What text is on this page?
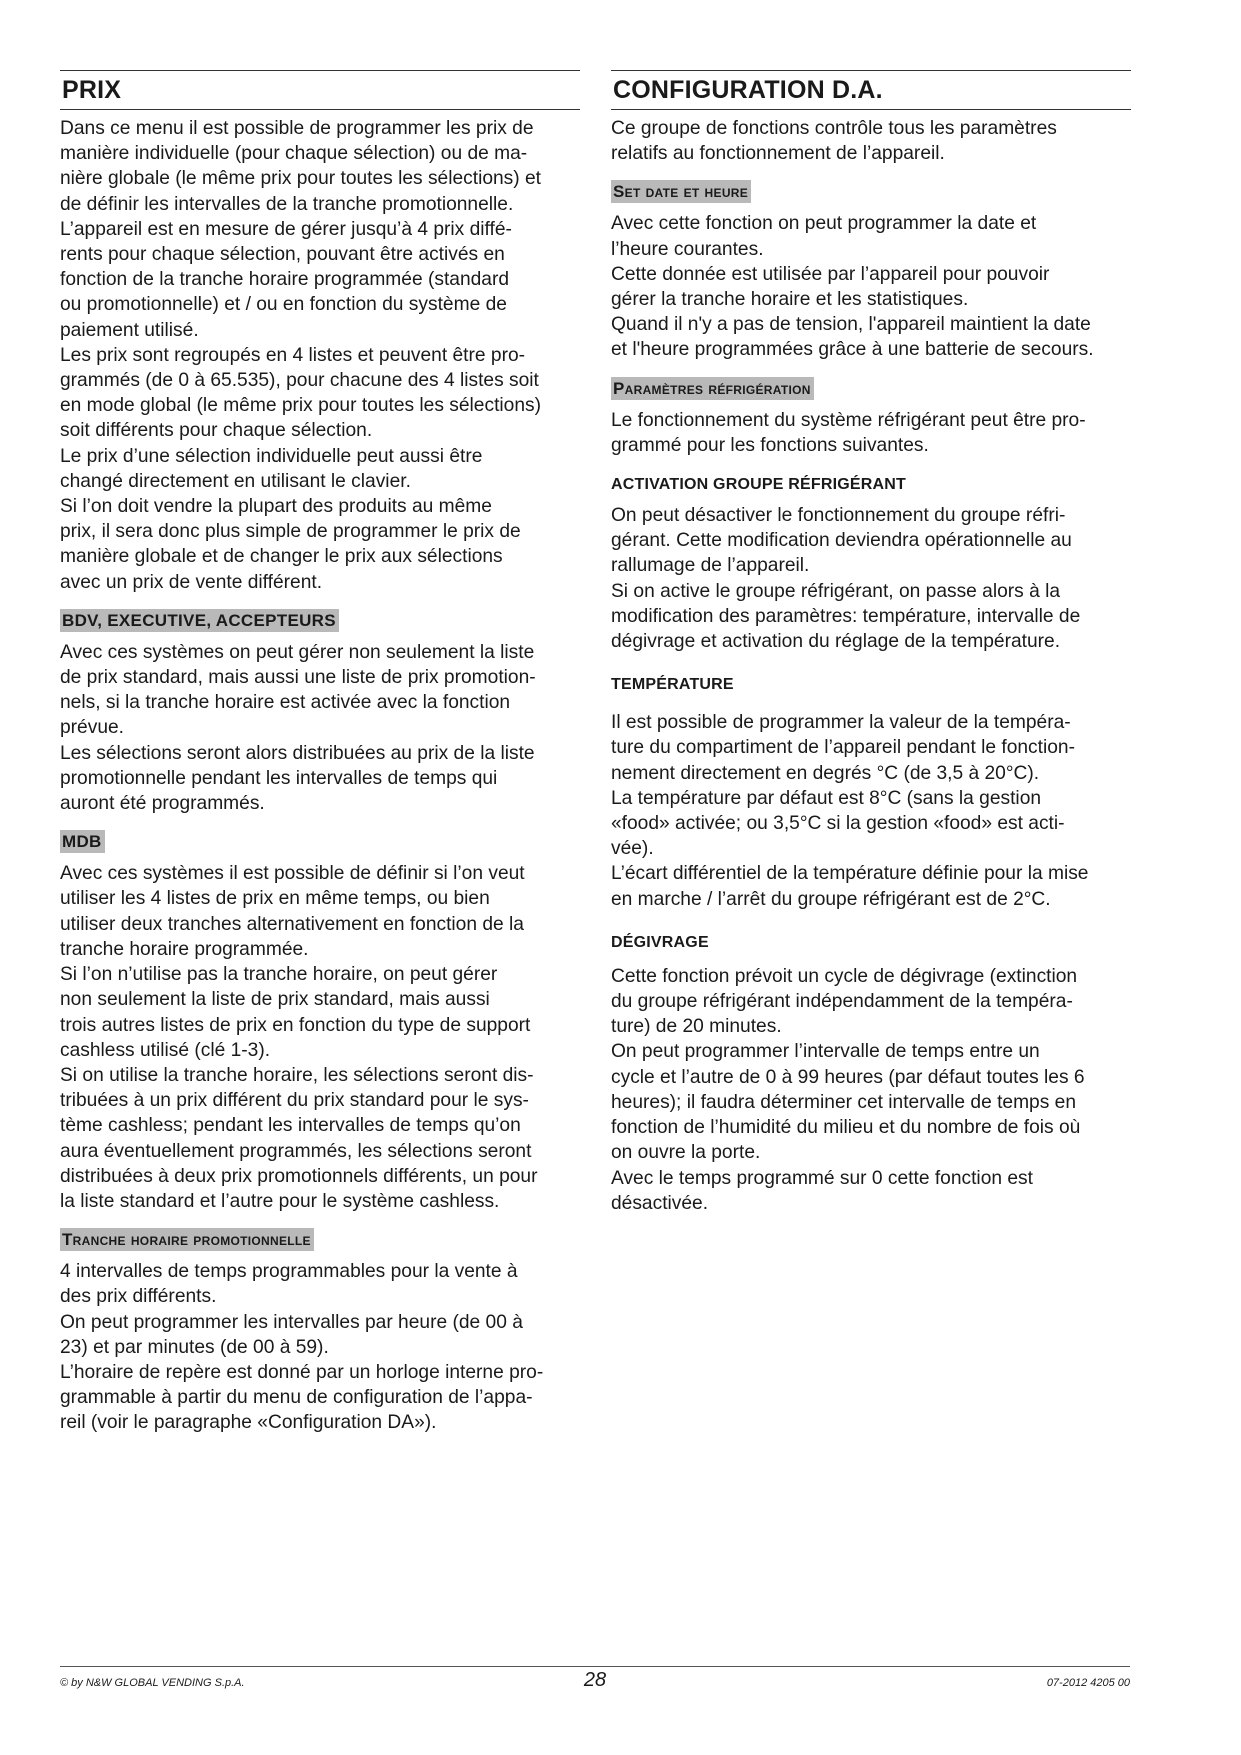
PRIX

Dans ce menu il est possible de programmer les prix de
manière individuelle (pour chaque sélection) ou de ma-
nière globale (le même prix pour toutes les sélections) et
de définir les intervalles de la tranche promotionnelle.
L’appareil est en mesure de gérer jusqu’à 4 prix diffé-
rents pour chaque sélection, pouvant être activés en
fonction de la tranche horaire programmée (standard
ou promotionnelle) et / ou en fonction du système de
paiement utilisé.
Les prix sont regroupés en 4 listes et peuvent être pro-
grammés (de 0 à 65.535), pour chacune des 4 listes soit
en mode global (le même prix pour toutes les sélections)
soit différents pour chaque sélection.
Le prix d’une sélection individuelle peut aussi être
changé directement en utilisant le clavier.
Si l’on doit vendre la plupart des produits au même
prix, il sera donc plus simple de programmer le prix de
manière globale et de changer le prix aux sélections
avec un prix de vente différent.

BDV, EXECUTIVE, ACCEPTEURS

Avec ces systèmes on peut gérer non seulement la liste
de prix standard, mais aussi une liste de prix promotion-
nels, si la tranche horaire est activée avec la fonction
prévue.
Les sélections seront alors distribuées au prix de la liste
promotionnelle pendant les intervalles de temps qui
auront été programmés.

MDB

Avec ces systèmes il est possible de définir si l’on veut
utiliser les 4 listes de prix en même temps, ou bien
utiliser deux tranches alternativement en fonction de la
tranche horaire programmée.
Si l’on n’utilise pas la tranche horaire, on peut gérer
non seulement la liste de prix standard, mais aussi
trois autres listes de prix en fonction du type de support
cashless utilisé (clé 1-3).
Si on utilise la tranche horaire, les sélections seront dis-
tribuées à un prix différent du prix standard pour le sys-
tème cashless; pendant les intervalles de temps qu’on
aura éventuellement programmés, les sélections seront
distribuées à deux prix promotionnels différents, un pour
la liste standard et l’autre pour le système cashless.

Tranche horaire promotionnelle

4 intervalles de temps programmables pour la vente à
des prix différents.
On peut programmer les intervalles par heure (de 00 à
23) et par minutes (de 00 à 59).
L’horaire de repère est donné par un horloge interne pro-
grammable à partir du menu de configuration de l’appa-
reil (voir le paragraphe «Configuration DA»).

CONFIGURATION D.A.

Ce groupe de fonctions contrôle tous les paramètres
relatifs au fonctionnement de l’appareil.

Set date et heure

Avec cette fonction on peut programmer la date et
l’heure courantes.
Cette donnée est utilisée par l’appareil pour pouvoir
gérer la tranche horaire et les statistiques.
Quand il n'y a pas de tension, l'appareil maintient la date
et l'heure programmées grâce à une batterie de secours.

Paramètres réfrigération

Le fonctionnement du système réfrigérant peut être pro-
grammé pour les fonctions suivantes.

ACTIVATION GROUPE RÉFRIGÉRANT

On peut désactiver le fonctionnement du groupe réfri-
gérant. Cette modification deviendra opérationnelle au
rallumage de l’appareil.
Si on active le groupe réfrigérant, on passe alors à la
modification des paramètres: température, intervalle de
dégivrage et activation du réglage de la température.

TEMPÉRATURE

Il est possible de programmer la valeur de la tempéra-
ture du compartiment de l’appareil pendant le fonction-
nement directement en degrés °C (de 3,5 à 20°C).
La température par défaut est 8°C (sans la gestion
«food» activée; ou 3,5°C si la gestion «food» est acti-
vée).
L’écart différentiel de la température définie pour la mise
en marche / l’arrêt du groupe réfrigérant est de 2°C.

DÉGIVRAGE

Cette fonction prévoit un cycle de dégivrage (extinction
du groupe réfrigérant indépendamment de la tempéra-
ture) de 20 minutes.
On peut programmer l’intervalle de temps entre un
cycle et l’autre de 0 à 99 heures (par défaut toutes les 6
heures); il faudra déterminer cet intervalle de temps en
fonction de l’humidité du milieu et du nombre de fois où
on ouvre la porte.
Avec le temps programmé sur 0 cette fonction est
désactivée.

© by N&W GLOBAL VENDING S.p.A.	28	07-2012 4205 00
